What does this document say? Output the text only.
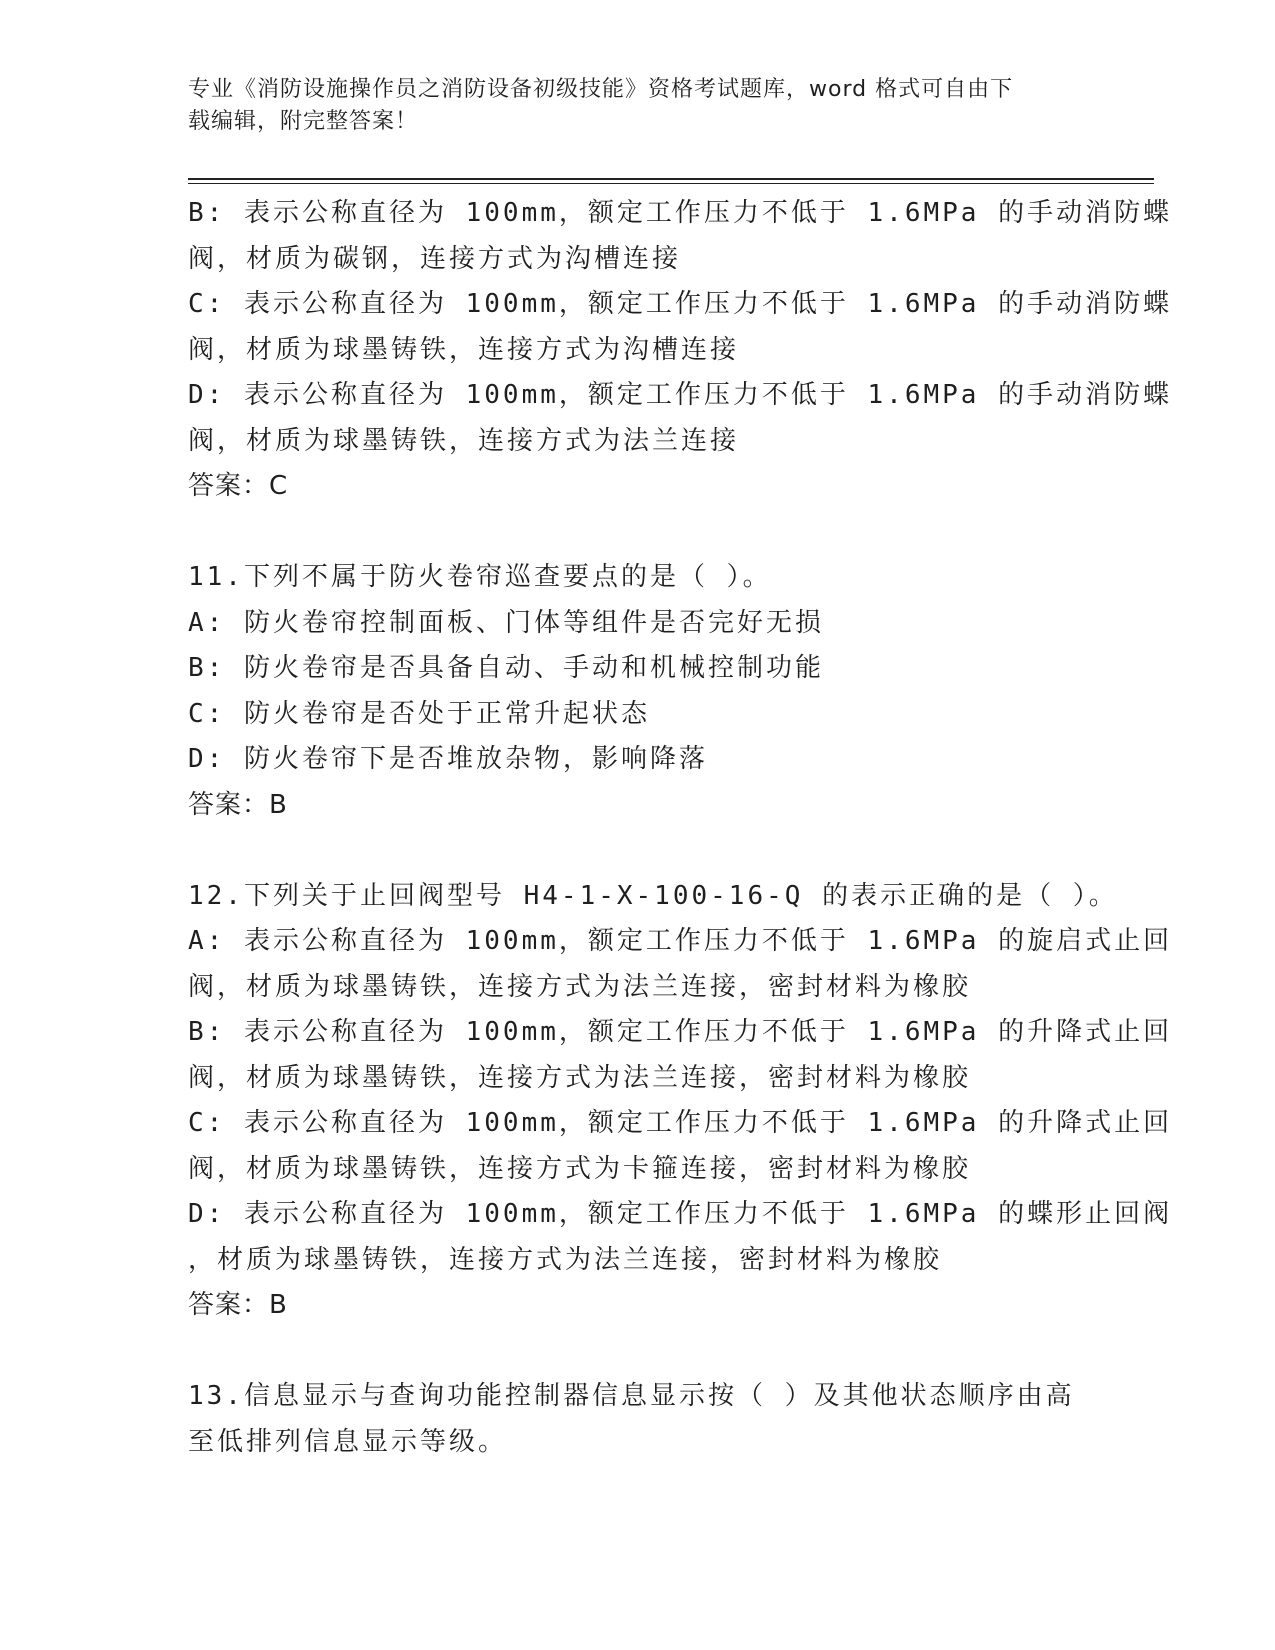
专业《消防设施操作员之消防设备初级技能》资格考试题库，word 格式可自由下
载编辑，附完整答案！
B: 表示公称直径为 100mm，额定工作压力不低于 1.6MPa 的手动消防蝶
阀，材质为碳钢，连接方式为沟槽连接
C: 表示公称直径为 100mm，额定工作压力不低于 1.6MPa 的手动消防蝶
阀，材质为球墨铸铁，连接方式为沟槽连接
D: 表示公称直径为 100mm，额定工作压力不低于 1.6MPa 的手动消防蝶
阀，材质为球墨铸铁，连接方式为法兰连接
答案：C
11.下列不属于防火卷帘巡查要点的是（ ）。
A: 防火卷帘控制面板、门体等组件是否完好无损
B: 防火卷帘是否具备自动、手动和机械控制功能
C: 防火卷帘是否处于正常升起状态
D: 防火卷帘下是否堆放杂物，影响降落
答案：B
12.下列关于止回阀型号 H4-1-X-100-16-Q 的表示正确的是（ ）。
A: 表示公称直径为 100mm，额定工作压力不低于 1.6MPa 的旋启式止回
阀，材质为球墨铸铁，连接方式为法兰连接，密封材料为橡胶
B: 表示公称直径为 100mm，额定工作压力不低于 1.6MPa 的升降式止回
阀，材质为球墨铸铁，连接方式为法兰连接，密封材料为橡胶
C: 表示公称直径为 100mm，额定工作压力不低于 1.6MPa 的升降式止回
阀，材质为球墨铸铁，连接方式为卡箍连接，密封材料为橡胶
D: 表示公称直径为 100mm，额定工作压力不低于 1.6MPa 的蝶形止回阀
，材质为球墨铸铁，连接方式为法兰连接，密封材料为橡胶
答案：B
13.信息显示与查询功能控制器信息显示按（ ）及其他状态顺序由高
至低排列信息显示等级。
